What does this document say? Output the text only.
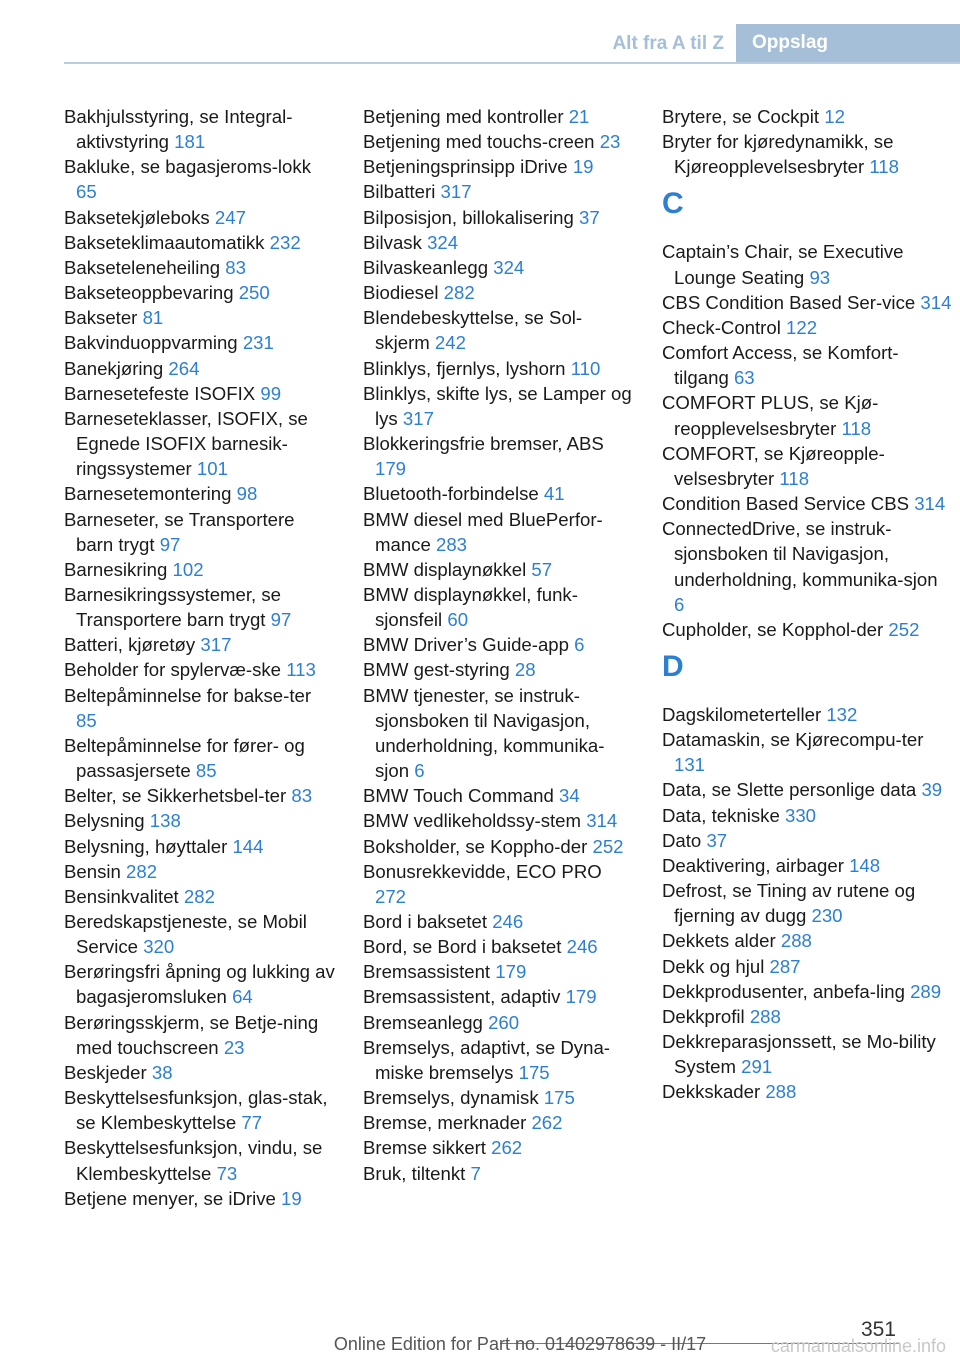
Alt fra A til Z	Oppslag
Bakhjulsstyring, se Integral-aktivstyring 181
Bakluke, se bagasjeroms-lokk 65
Baksetekjøleboks 247
Bakseteklimaautomatikk 232
Bakseteleneheiling 83
Bakseteoppbevaring 250
Bakseter 81
Bakvinduoppvarming 231
Banekjøring 264
Barnesetefeste ISOFIX 99
Barneseteklasser, ISOFIX, se Egnede ISOFIX barnesik-ringssystemer 101
Barnesetemontering 98
Barneseter, se Transportere barn trygt 97
Barnesikring 102
Barnesikringssystemer, se Transportere barn trygt 97
Batteri, kjøretøy 317
Beholder for spylervæ-ske 113
Beltepåminnelse for bakse-ter 85
Beltepåminnelse for fører- og passasjersete 85
Belter, se Sikkerhetsbel-ter 83
Belysning 138
Belysning, høyttaler 144
Bensin 282
Bensinkvalitet 282
Beredskapstjeneste, se Mobil Service 320
Berøringsfri åpning og lukking av bagasjeromsluken 64
Berøringsskjerm, se Betje-ning med touchscreen 23
Beskjeder 38
Beskyttelsesfunksjon, glas-stak, se Klembeskyttelse 77
Beskyttelsesfunksjon, vindu, se Klembeskyttelse 73
Betjene menyer, se iDrive 19
Betjening med kontroller 21
Betjening med touchs-creen 23
Betjeningsprinsipp iDrive 19
Bilbatteri 317
Bilposisjon, billokalisering 37
Bilvask 324
Bilvaskeanlegg 324
Biodiesel 282
Blendebeskyttelse, se Sol-skjerm 242
Blinklys, fjernlys, lyshorn 110
Blinklys, skifte lys, se Lamper og lys 317
Blokkeringsfrie bremser, ABS 179
Bluetooth-forbindelse 41
BMW diesel med BluePerfor-mance 283
BMW displaynøkkel 57
BMW displaynøkkel, funk-sjonsfeil 60
BMW Driver’s Guide-app 6
BMW gest-styring 28
BMW tjenester, se instruk-sjonsboken til Navigasjon, underholdning, kommunika-sjon 6
BMW Touch Command 34
BMW vedlikeholdssy-stem 314
Boksholder, se Koppho-der 252
Bonusrekkevidde, ECO PRO 272
Bord i baksetet 246
Bord, se Bord i baksetet 246
Bremsassistent 179
Bremsassistent, adaptiv 179
Bremseanlegg 260
Bremselys, adaptivt, se Dyna-miske bremselys 175
Bremselys, dynamisk 175
Bremse, merknader 262
Bremse sikkert 262
Bruk, tiltenkt 7
Brytere, se Cockpit 12
Bryter for kjøredynamikk, se Kjøreopplevelsesbryter 118
C
Captain’s Chair, se Executive Lounge Seating 93
CBS Condition Based Ser-vice 314
Check-Control 122
Comfort Access, se Komfort-tilgang 63
COMFORT PLUS, se Kjø-reopplevelsesbryter 118
COMFORT, se Kjøreopple-velsesbryter 118
Condition Based Service CBS 314
ConnectedDrive, se instruk-sjonsboken til Navigasjon, underholdning, kommunika-sjon 6
Cupholder, se Kopphol-der 252
D
Dagskilometerteller 132
Datamaskin, se Kjørecompu-ter 131
Data, se Slette personlige data 39
Data, tekniske 330
Dato 37
Deaktivering, airbager 148
Defrost, se Tining av rutene og fjerning av dugg 230
Dekkets alder 288
Dekk og hjul 287
Dekkprodusenter, anbefa-ling 289
Dekkprofil 288
Dekkreparasjonssett, se Mo-bility System 291
Dekkskader 288
351
Online Edition for Part no. 01402978639 - II/17	carmanualsonline.info
